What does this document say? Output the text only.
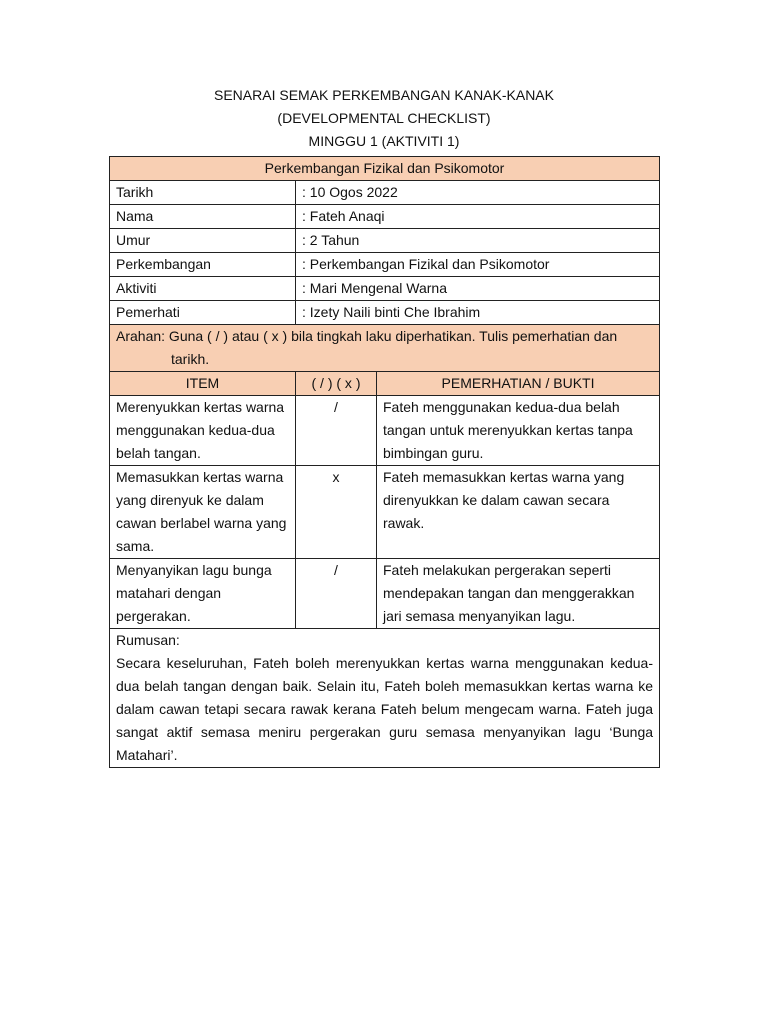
SENARAI SEMAK PERKEMBANGAN KANAK-KANAK
(DEVELOPMENTAL CHECKLIST)
MINGGU 1 (AKTIVITI 1)
Perkembangan Fizikal dan Psikomotor		
Tarikh	: 10 Ogos 2022	
Nama	: Fateh Anaqi	
Umur	: 2 Tahun	
Perkembangan	: Perkembangan Fizikal dan Psikomotor	
Aktiviti	: Mari Mengenal Warna	
Pemerhati	: Izety Naili binti Che Ibrahim	
Arahan: Guna ( / ) atau ( x ) bila tingkah laku diperhatikan. Tulis pemerhatian dan
tarikh.		

ITEM	( / ) ( x )	PEMERHATIAN / BUKTI
Merenyukkan kertas warna menggunakan kedua-dua belah tangan.	/	Fateh menggunakan kedua-dua belah tangan untuk merenyukkan kertas tanpa bimbingan guru.
Memasukkan kertas warna yang direnyuk ke dalam cawan berlabel warna yang sama.	x	Fateh memasukkan kertas warna yang direnyukkan ke dalam cawan secara rawak.
Menyanyikan lagu bunga matahari dengan pergerakan.	/	Fateh melakukan pergerakan seperti mendepakan tangan dan menggerakkan jari semasa menyanyikan lagu.

Rumusan:
Secara keseluruhan, Fateh boleh merenyukkan kertas warna menggunakan kedua-dua belah tangan dengan baik. Selain itu, Fateh boleh memasukkan kertas warna ke dalam cawan tetapi secara rawak kerana Fateh belum mengecam warna. Fateh juga sangat aktif semasa meniru pergerakan guru semasa menyanyikan lagu ‘Bunga Matahari’.		
